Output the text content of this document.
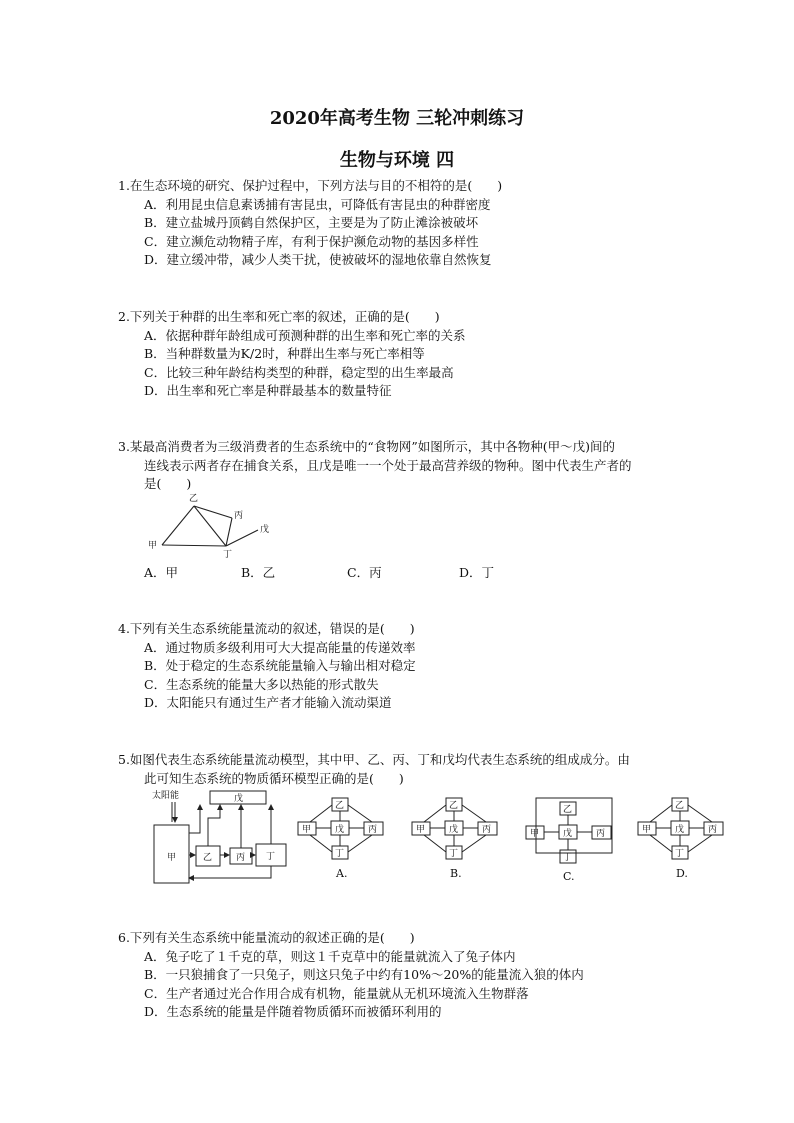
2020年高考生物 三轮冲刺练习
生物与环境 四
1.在生态环境的研究、保护过程中，下列方法与目的不相符的是(　　)
A．利用昆虫信息素诱捕有害昆虫，可降低有害昆虫的种群密度
B．建立盐城丹顶鹤自然保护区，主要是为了防止滩涂被破坏
C．建立濒危动物精子库，有利于保护濒危动物的基因多样性
D．建立缓冲带，减少人类干扰，使被破坏的湿地依靠自然恢复
2.下列关于种群的出生率和死亡率的叙述，正确的是(　　)
A．依据种群年龄组成可预测种群的出生率和死亡率的关系
B．当种群数量为K/2时，种群出生率与死亡率相等
C．比较三种年龄结构类型的种群，稳定型的出生率最高
D．出生率和死亡率是种群最基本的数量特征
3.某最高消费者为三级消费者的生态系统中的“食物网”如图所示，其中各物种(甲～戊)间的
连线表示两者存在捕食关系，且戊是唯一一个处于最高营养级的物种。图中代表生产者的
是(　　)
乙
丙
戊
甲
丁
A．甲	B．乙	C．丙	D．丁
4.下列有关生态系统能量流动的叙述，错误的是(　　)
A．通过物质多级利用可大大提高能量的传递效率
B．处于稳定的生态系统能量输入与输出相对稳定
C．生态系统的能量大多以热能的形式散失
D．太阳能只有通过生产者才能输入流动渠道
5.如图代表生态系统能量流动模型，其中甲、乙、丙、丁和戊均代表生态系统的组成成分。由
此可知生态系统的物质循环模型正确的是(　　)
太阳能	戊
甲	乙	丙 丁
乙
甲	戊	丙
丁
A.
乙
甲	戊	丙
丁
B.
乙
甲	戊	丙
丁
C.
乙
甲	戊	丙
丁
D.
6.下列有关生态系统中能量流动的叙述正确的是(　　)
A．兔子吃了１千克的草，则这１千克草中的能量就流入了兔子体内
B．一只狼捕食了一只兔子，则这只兔子中约有10%～20%的能量流入狼的体内
C．生产者通过光合作用合成有机物，能量就从无机环境流入生物群落
D．生态系统的能量是伴随着物质循环而被循环利用的
